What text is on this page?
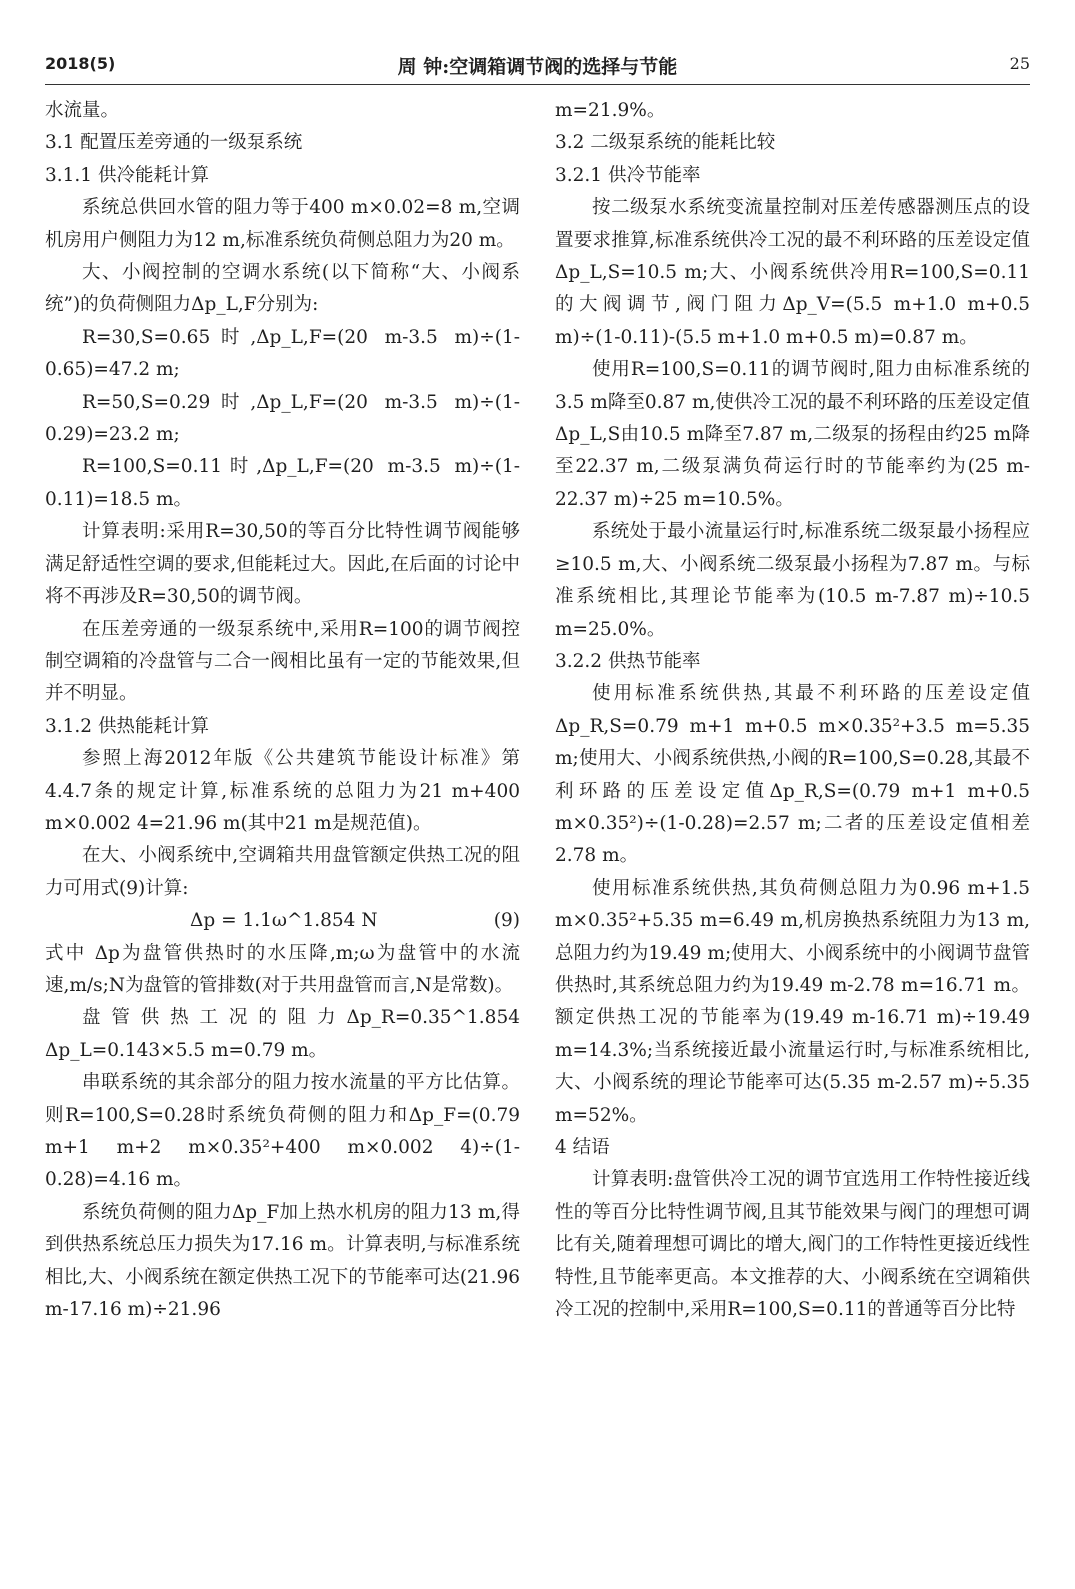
2018(5)	周 钟:空调箱调节阀的选择与节能	25

水流量。

3.1 配置压差旁通的一级泵系统
3.1.1 供冷能耗计算

系统总供回水管的阻力等于400 m×0.02=8 m,空调机房用户侧阻力为12 m,标准系统负荷侧总阻力为20 m。

大、小阀控制的空调水系统(以下简称“大、小阀系统”)的负荷侧阻力Δp_L,F分别为:

R=30,S=0.65时,Δp_L,F=(20 m-3.5 m)÷(1-0.65)=47.2 m;

R=50,S=0.29时,Δp_L,F=(20 m-3.5 m)÷(1-0.29)=23.2 m;

R=100,S=0.11时,Δp_L,F=(20 m-3.5 m)÷(1-0.11)=18.5 m。

计算表明:采用R=30,50的等百分比特性调节阀能够满足舒适性空调的要求,但能耗过大。因此,在后面的讨论中将不再涉及R=30,50的调节阀。

在压差旁通的一级泵系统中,采用R=100的调节阀控制空调箱的冷盘管与二合一阀相比虽有一定的节能效果,但并不明显。

3.1.2 供热能耗计算

参照上海2012年版《公共建筑节能设计标准》第4.4.7条的规定计算,标准系统的总阻力为21 m+400 m×0.002 4=21.96 m(其中21 m是规范值)。

在大、小阀系统中,空调箱共用盘管额定供热工况的阻力可用式(9)计算:

Δp = 1.1ω^1.854 N	(9)

式中 Δp为盘管供热时的水压降,m;ω为盘管中的水流速,m/s;N为盘管的管排数(对于共用盘管而言,N是常数)。

盘管供热工况的阻力Δp_R=0.35^1.854 Δp_L=0.143×5.5 m=0.79 m。

串联系统的其余部分的阻力按水流量的平方比估算。则R=100,S=0.28时系统负荷侧的阻力和Δp_F=(0.79 m+1 m+2 m×0.35²+400 m×0.002 4)÷(1-0.28)=4.16 m。

系统负荷侧的阻力Δp_F加上热水机房的阻力13 m,得到供热系统总压力损失为17.16 m。计算表明,与标准系统相比,大、小阀系统在额定供热工况下的节能率可达(21.96 m-17.16 m)÷21.96

m=21.9%。

3.2 二级泵系统的能耗比较
3.2.1 供冷节能率

按二级泵水系统变流量控制对压差传感器测压点的设置要求推算,标准系统供冷工况的最不利环路的压差设定值Δp_L,S=10.5 m;大、小阀系统供冷用R=100,S=0.11的大阀调节,阀门阻力Δp_V=(5.5 m+1.0 m+0.5 m)÷(1-0.11)-(5.5 m+1.0 m+0.5 m)=0.87 m。

使用R=100,S=0.11的调节阀时,阻力由标准系统的3.5 m降至0.87 m,使供冷工况的最不利环路的压差设定值Δp_L,S由10.5 m降至7.87 m,二级泵的扬程由约25 m降至22.37 m,二级泵满负荷运行时的节能率约为(25 m-22.37 m)÷25 m=10.5%。

系统处于最小流量运行时,标准系统二级泵最小扬程应≥10.5 m,大、小阀系统二级泵最小扬程为7.87 m。与标准系统相比,其理论节能率为(10.5 m-7.87 m)÷10.5 m=25.0%。

3.2.2 供热节能率

使用标准系统供热,其最不利环路的压差设定值Δp_R,S=0.79 m+1 m+0.5 m×0.35²+3.5 m=5.35 m;使用大、小阀系统供热,小阀的R=100,S=0.28,其最不利环路的压差设定值Δp_R,S=(0.79 m+1 m+0.5 m×0.35²)÷(1-0.28)=2.57 m;二者的压差设定值相差2.78 m。

使用标准系统供热,其负荷侧总阻力为0.96 m+1.5 m×0.35²+5.35 m=6.49 m,机房换热系统阻力为13 m,总阻力约为19.49 m;使用大、小阀系统中的小阀调节盘管供热时,其系统总阻力约为19.49 m-2.78 m=16.71 m。额定供热工况的节能率为(19.49 m-16.71 m)÷19.49 m=14.3%;当系统接近最小流量运行时,与标准系统相比,大、小阀系统的理论节能率可达(5.35 m-2.57 m)÷5.35 m=52%。

4 结语

计算表明:盘管供冷工况的调节宜选用工作特性接近线性的等百分比特性调节阀,且其节能效果与阀门的理想可调比有关,随着理想可调比的增大,阀门的工作特性更接近线性特性,且节能率更高。本文推荐的大、小阀系统在空调箱供冷工况的控制中,采用R=100,S=0.11的普通等百分比特
